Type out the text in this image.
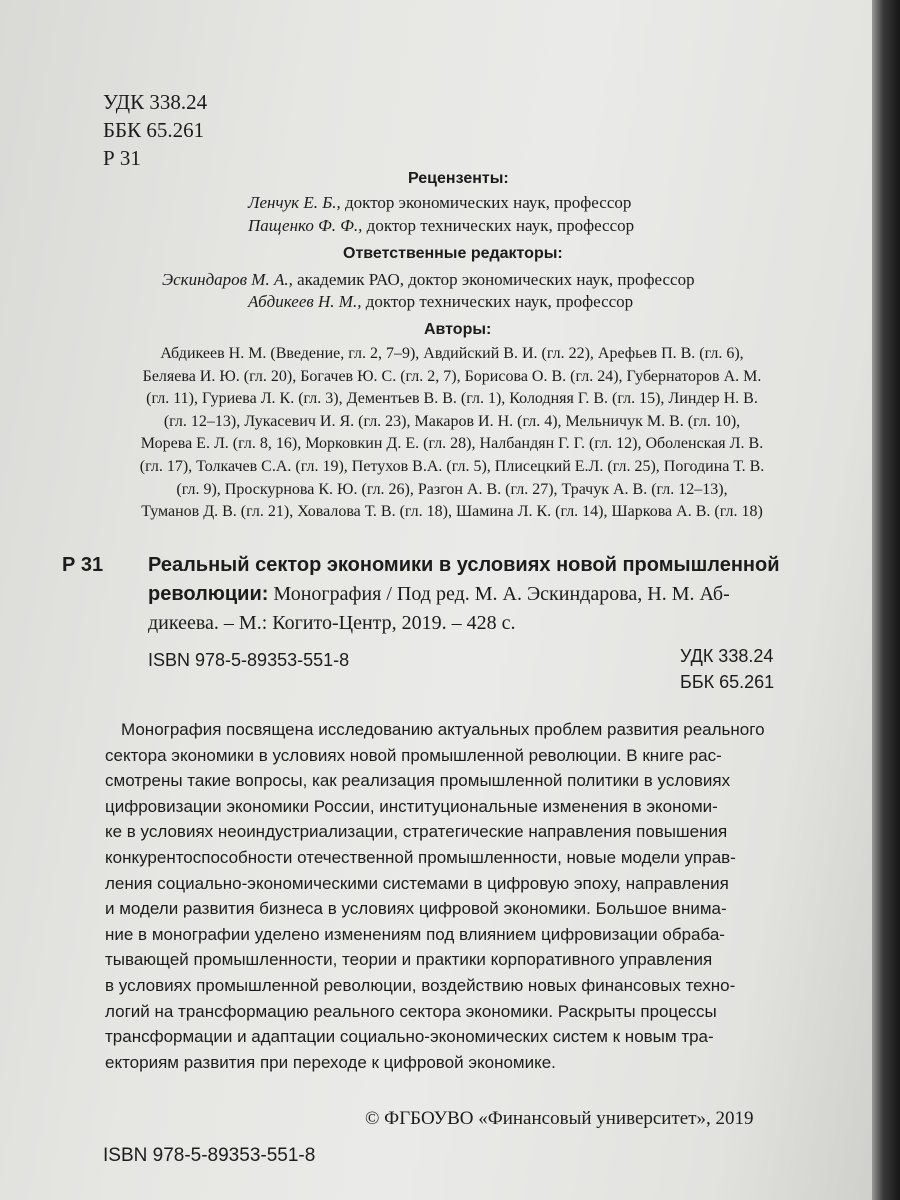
УДК 338.24
ББК 65.261
Р 31
Рецензенты:
Ленчук Е. Б., доктор экономических наук, профессор
Пащенко Ф. Ф., доктор технических наук, профессор
Ответственные редакторы:
Эскиндаров М. А., академик РАО, доктор экономических наук, профессор
Абдикеев Н. М., доктор технических наук, профессор
Авторы:
Абдикеев Н. М. (Введение, гл. 2, 7–9), Авдийский В. И. (гл. 22), Арефьев П. В. (гл. 6),
Беляева И. Ю. (гл. 20), Богачев Ю. С. (гл. 2, 7), Борисова О. В. (гл. 24), Губернаторов А. М.
(гл. 11), Гуриева Л. К. (гл. 3), Дементьев В. В. (гл. 1), Колодняя Г. В. (гл. 15), Линдер Н. В.
(гл. 12–13), Лукасевич И. Я. (гл. 23), Макаров И. Н. (гл. 4), Мельничук М. В. (гл. 10),
Морева Е. Л. (гл. 8, 16), Морковкин Д. Е. (гл. 28), Налбандян Г. Г. (гл. 12), Оболенская Л. В.
(гл. 17), Толкачев С.А. (гл. 19), Петухов В.А. (гл. 5), Плисецкий Е.Л. (гл. 25), Погодина Т. В.
(гл. 9), Проскурнова К. Ю. (гл. 26), Разгон А. В. (гл. 27), Трачук А. В. (гл. 12–13),
Туманов Д. В. (гл. 21), Ховалова Т. В. (гл. 18), Шамина Л. К. (гл. 14), Шаркова А. В. (гл. 18)
Р 31 Реальный сектор экономики в условиях новой промышленной
революции: Монография / Под ред. М. А. Эскиндарова, Н. М. Аб-
дикеева. – М.: Когито-Центр, 2019. – 428 с.
ISBN 978-5-89353-551-8	УДК 338.24
ББК 65.261
Монография посвящена исследованию актуальных проблем развития реального
сектора экономики в условиях новой промышленной революции. В книге рас-
смотрены такие вопросы, как реализация промышленной политики в условиях
цифровизации экономики России, институциональные изменения в экономи-
ке в условиях неоиндустриализации, стратегические направления повышения
конкурентоспособности отечественной промышленности, новые модели управ-
ления социально-экономическими системами в цифровую эпоху, направления
и модели развития бизнеса в условиях цифровой экономики. Большое внима-
ние в монографии уделено изменениям под влиянием цифровизации обраба-
тывающей промышленности, теории и практики корпоративного управления
в условиях промышленной революции, воздействию новых финансовых техно-
логий на трансформацию реального сектора экономики. Раскрыты процессы
трансформации и адаптации социально-экономических систем к новым тра-
екториям развития при переходе к цифровой экономике.
© ФГБОУВО «Финансовый университет», 2019
ISBN 978-5-89353-551-8
